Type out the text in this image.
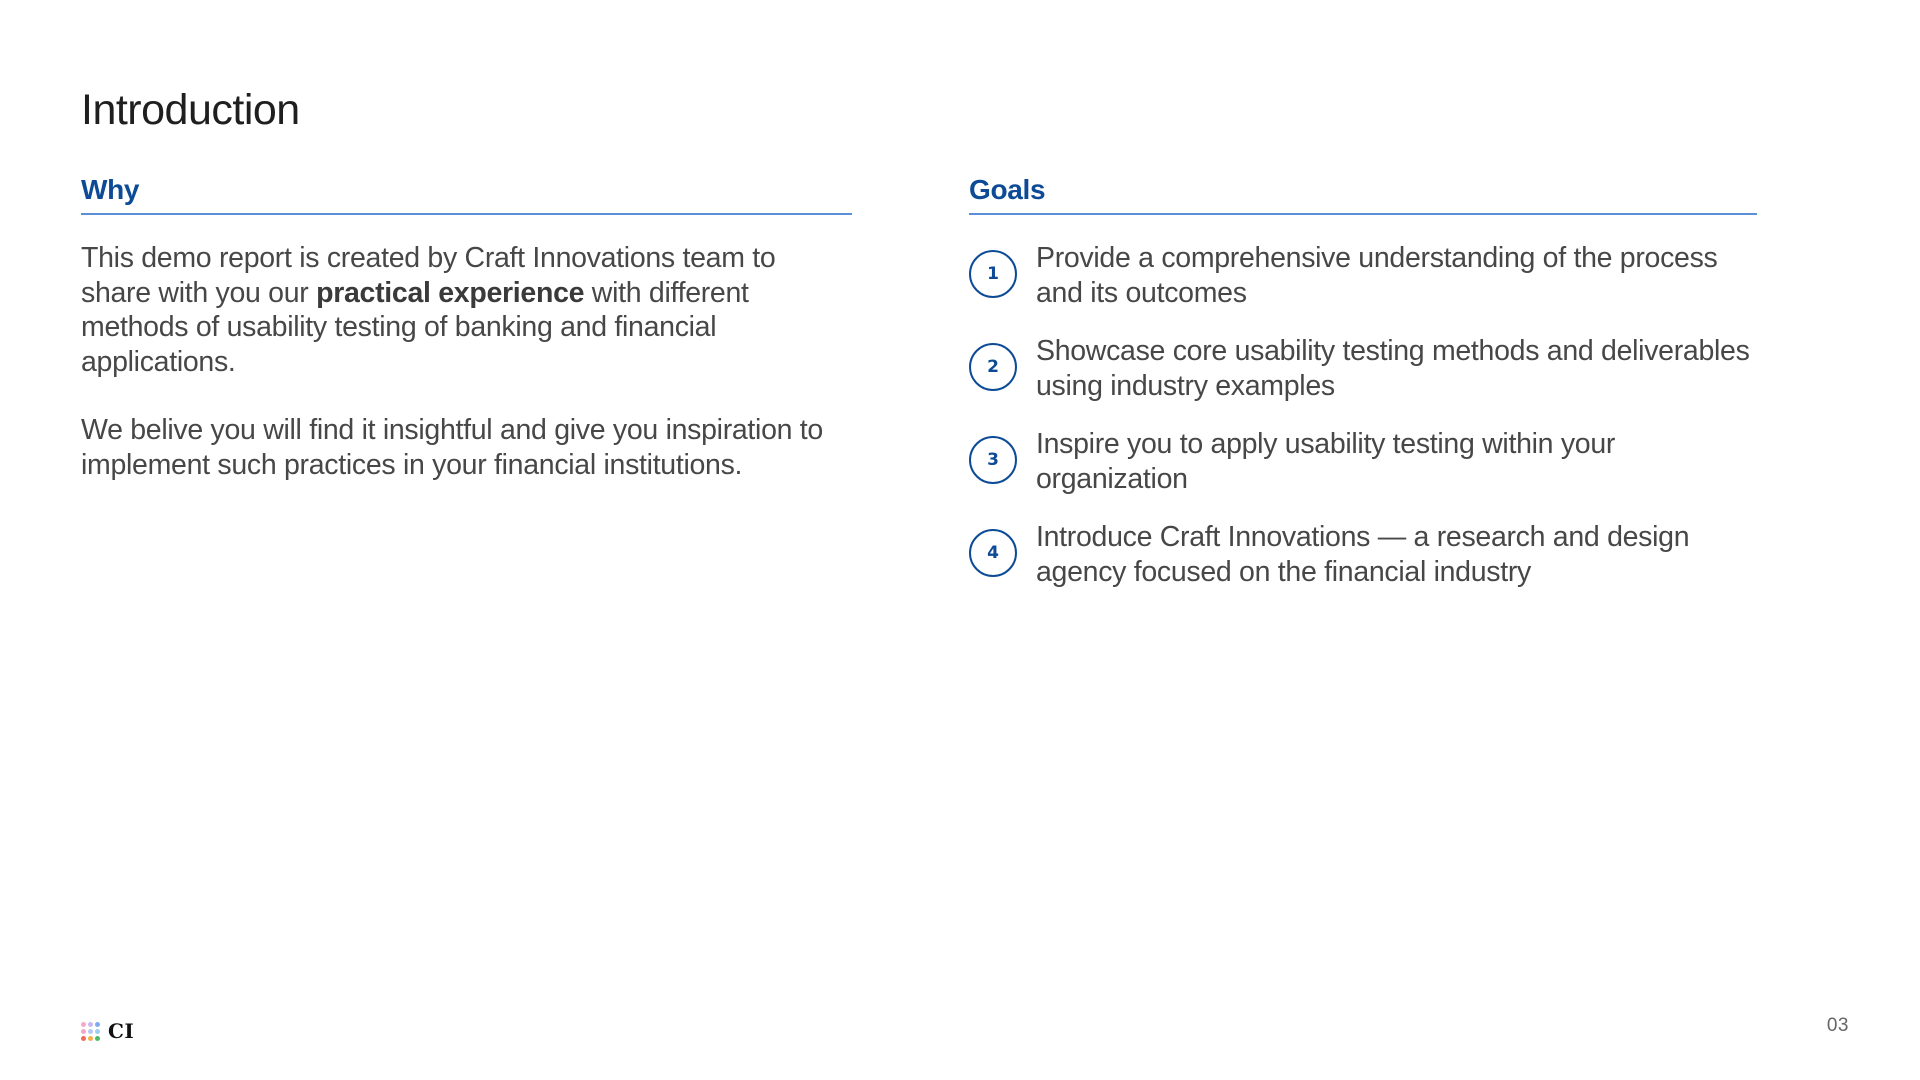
Introduction
Why

This demo report is created by Craft Innovations team to share with you our practical experience with different methods of usability testing of banking and financial applications.

We belive you will find it insightful and give you inspiration to implement such practices in your financial institutions.

Goals
1	Provide a comprehensive understanding of the process and its outcomes

2	Showcase core usability testing methods and deliverables using industry examples

3	Inspire you to apply usability testing within your organization

4	Introduce Craft Innovations — a research and design agency focused on the financial industry

CI	03
